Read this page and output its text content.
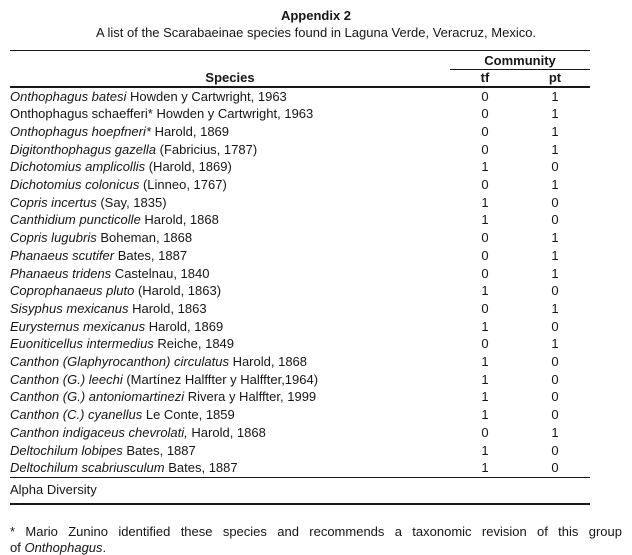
Appendix 2
A list of the Scarabaeinae species found in Laguna Verde, Veracruz, Mexico.
	Community	
Species	tf	pt
Onthophagus batesi Howden y Cartwright, 1963	0	1
Onthophagus schaefferi* Howden y Cartwright, 1963	0	1
Onthophagus hoepfneri* Harold, 1869	0	1
Digitonthophagus gazella (Fabricius, 1787)	0	1
Dichotomius amplicollis (Harold, 1869)	1	0
Dichotomius colonicus (Linneo, 1767)	0	1
Copris incertus (Say, 1835)	1	0
Canthidium puncticolle Harold, 1868	1	0
Copris lugubris Boheman, 1868	0	1
Phanaeus scutifer Bates, 1887	0	1
Phanaeus tridens Castelnau, 1840	0	1
Coprophanaeus pluto (Harold, 1863)	1	0
Sisyphus mexicanus Harold, 1863	0	1
Eurysternus mexicanus Harold, 1869	1	0
Euoniticellus intermedius Reiche, 1849	0	1
Canthon (Glaphyrocanthon) circulatus Harold, 1868	1	0
Canthon (G.) leechi (Martínez Halffter y Halffter,1964)	1	0
Canthon (G.) antoniomartinezi Rivera y Halffter, 1999	1	0
Canthon (C.) cyanellus Le Conte, 1859	1	0
Canthon indigaceus chevrolati, Harold, 1868	0	1
Deltochilum lobipes Bates, 1887	1	0
Deltochilum scabriusculum Bates, 1887	1	0
Alpha Diversity		

* Mario Zunino identified these species and recommends a taxonomic revision of this group
of Onthophagus.
